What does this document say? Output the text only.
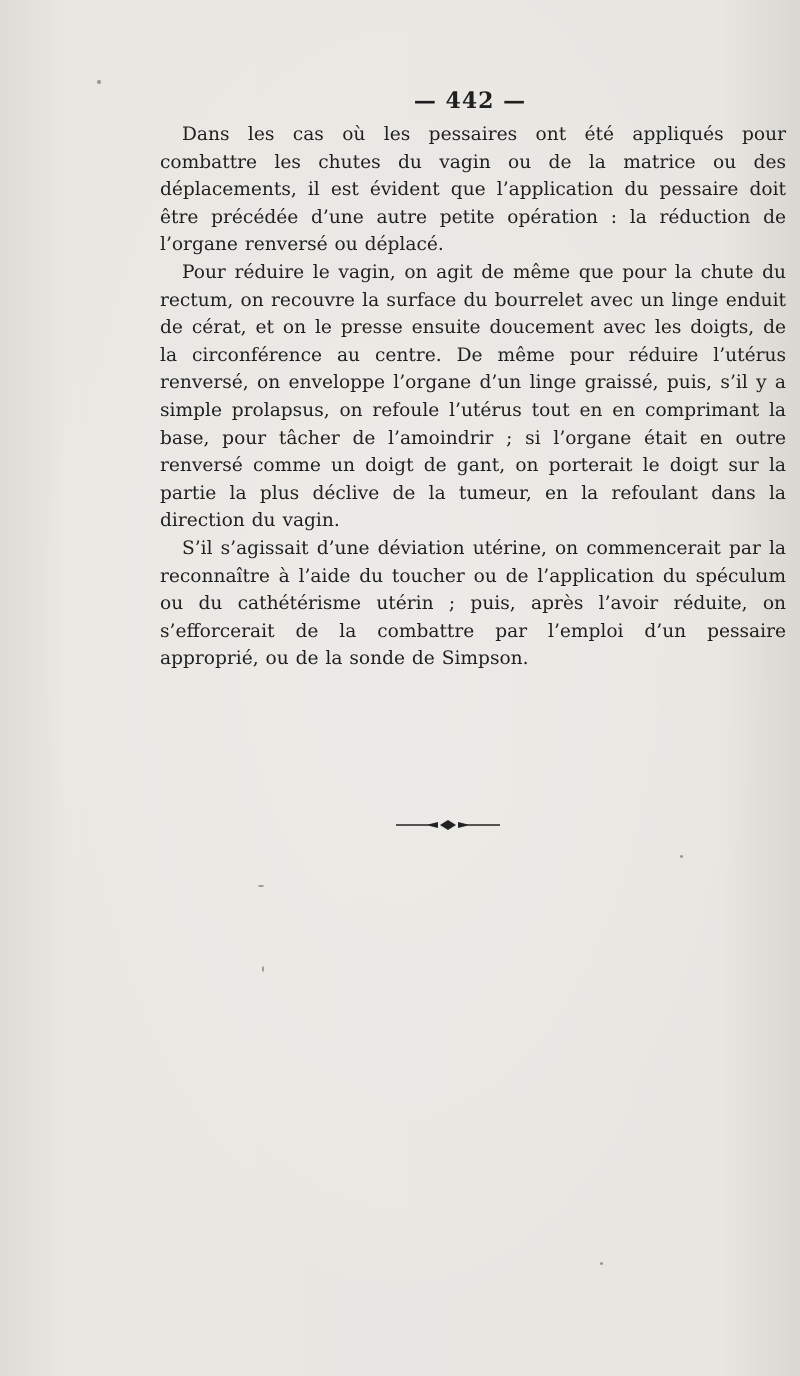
— 442 —

Dans les cas où les pessaires ont été appliqués pour combattre les chutes du vagin ou de la matrice ou des déplacements, il est évident que l’application du pessaire doit être précédée d’une autre petite opération : la réduction de l’organe renversé ou déplacé.

Pour réduire le vagin, on agit de même que pour la chute du rectum, on recouvre la surface du bourrelet avec un linge enduit de cérat, et on le presse ensuite doucement avec les doigts, de la circonférence au centre. De même pour réduire l’utérus renversé, on enveloppe l’organe d’un linge graissé, puis, s’il y a simple prolapsus, on refoule l’utérus tout en en comprimant la base, pour tâcher de l’amoindrir ; si l’organe était en outre renversé comme un doigt de gant, on porterait le doigt sur la partie la plus déclive de la tumeur, en la refoulant dans la direction du vagin.

S’il s’agissait d’une déviation utérine, on commencerait par la reconnaître à l’aide du toucher ou de l’application du spéculum ou du cathétérisme utérin ; puis, après l’avoir réduite, on s’efforcerait de la combattre par l’emploi d’un pessaire approprié, ou de la sonde de Simpson.
